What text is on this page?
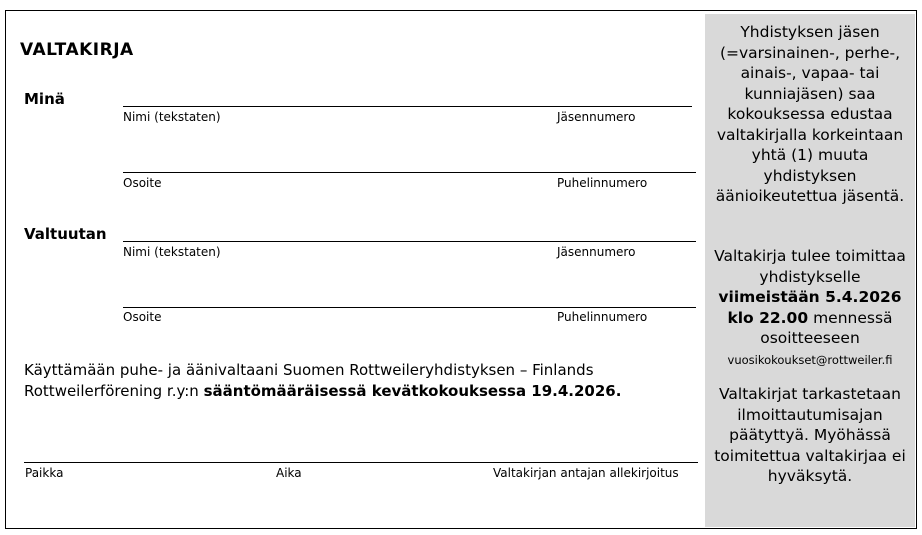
Yhdistyksen jäsen (=varsinainen-, perhe-, ainais-, vapaa- tai kunniajäsen) saa kokouksessa edustaa valtakirjalla korkeintaan yhtä (1) muuta yhdistyksen äänioikeutettua jäsentä.
Valtakirja tulee toimittaa yhdistykselle viimeistään 5.4.2026 klo 22.00 mennessä osoitteeseen
vuosikokoukset@rottweiler.fi
Valtakirjat tarkastetaan ilmoittautumisajan päätyttyä. Myöhässä toimitettua valtakirjaa ei hyväksytä.
VALTAKIRJA
Minä
Nimi (tekstaten)	Jäsennumero
Osoite	Puhelinnumero
Valtuutan
Nimi (tekstaten)	Jäsennumero
Osoite	Puhelinnumero
Käyttämään puhe- ja äänivaltaani Suomen Rottweileryhdistyksen – Finlands Rottweilerförening r.y:n sääntömääräisessä kevätkokouksessa 19.4.2026.
Paikka	Aika	Valtakirjan antajan allekirjoitus
